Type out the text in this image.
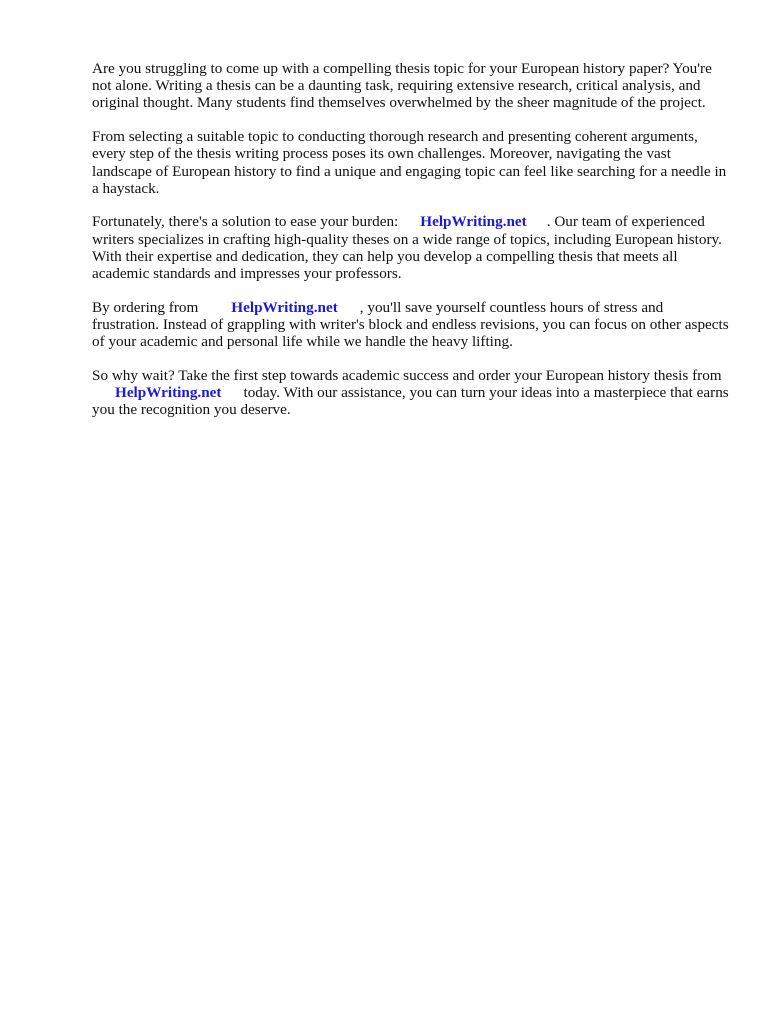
Are you struggling to come up with a compelling thesis topic for your European history paper? You're not alone. Writing a thesis can be a daunting task, requiring extensive research, critical analysis, and original thought. Many students find themselves overwhelmed by the sheer magnitude of the project.

From selecting a suitable topic to conducting thorough research and presenting coherent arguments, every step of the thesis writing process poses its own challenges. Moreover, navigating the vast landscape of European history to find a unique and engaging topic can feel like searching for a needle in a haystack.

Fortunately, there's a solution to ease your burden: HelpWriting.net . Our team of experienced writers specializes in crafting high-quality theses on a wide range of topics, including European history. With their expertise and dedication, they can help you develop a compelling thesis that meets all academic standards and impresses your professors.

By ordering from HelpWriting.net , you'll save yourself countless hours of stress and frustration. Instead of grappling with writer's block and endless revisions, you can focus on other aspects of your academic and personal life while we handle the heavy lifting.

So why wait? Take the first step towards academic success and order your European history thesis fromHelpWriting.net today. With our assistance, you can turn your ideas into a masterpiece that earns you the recognition you deserve.
